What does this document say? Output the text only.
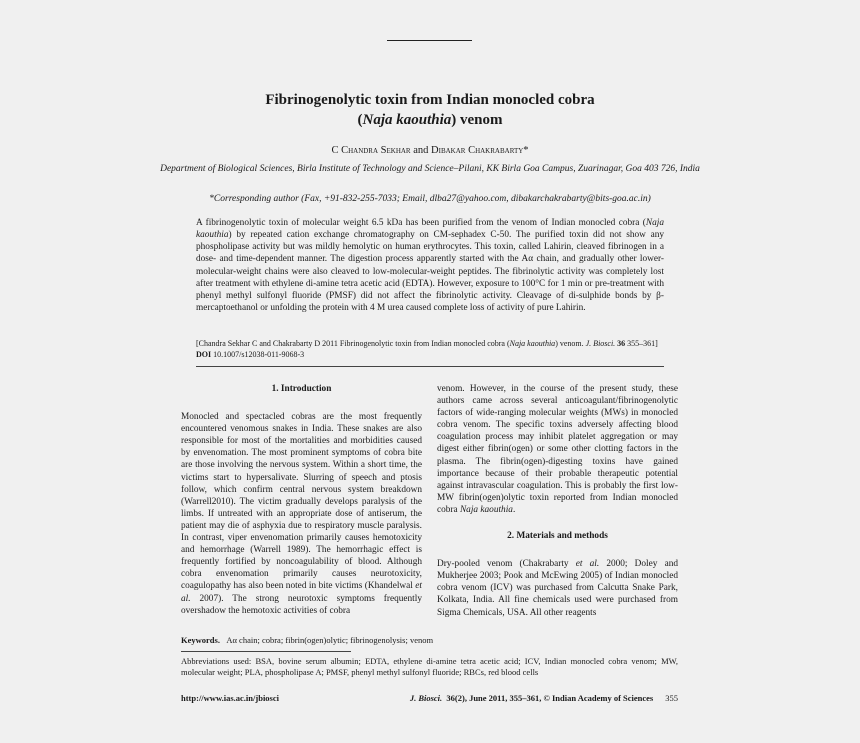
Fibrinogenolytic toxin from Indian monocled cobra
(Naja kaouthia) venom
C Chandra Sekhar and Dibakar Chakrabarty*
Department of Biological Sciences, Birla Institute of Technology and Science–Pilani, KK Birla Goa Campus, Zuarinagar, Goa 403 726, India
*Corresponding author (Fax, +91-832-255-7033; Email, dlba27@yahoo.com, dibakarchakrabarty@bits-goa.ac.in)

A fibrinogenolytic toxin of molecular weight 6.5 kDa has been purified from the venom of Indian monocled cobra (Naja kaouthia) by repeated cation exchange chromatography on CM-sephadex C-50. The purified toxin did not show any phospholipase activity but was mildly hemolytic on human erythrocytes. This toxin, called Lahirin, cleaved fibrinogen in a dose- and time-dependent manner. The digestion process apparently started with the Aα chain, and gradually other lower-molecular-weight chains were also cleaved to low-molecular-weight peptides. The fibrinolytic activity was completely lost after treatment with ethylene di-amine tetra acetic acid (EDTA). However, exposure to 100°C for 1 min or pre-treatment with phenyl methyl sulfonyl fluoride (PMSF) did not affect the fibrinolytic activity. Cleavage of di-sulphide bonds by β-mercaptoethanol or unfolding the protein with 4 M urea caused complete loss of activity of pure Lahirin.

[Chandra Sekhar C and Chakrabarty D 2011 Fibrinogenolytic toxin from Indian monocled cobra (Naja kaouthia) venom. J. Biosci. 36 355–361]
DOI 10.1007/s12038-011-9068-3
1. Introduction

Monocled and spectacled cobras are the most frequently encountered venomous snakes in India. These snakes are also responsible for most of the mortalities and morbidities caused by envenomation. The most prominent symptoms of cobra bite are those involving the nervous system. Within a short time, the victims start to hypersalivate. Slurring of speech and ptosis follow, which confirm central nervous system breakdown (Warrell2010). The victim gradually develops paralysis of the limbs. If untreated with an appropriate dose of antiserum, the patient may die of asphyxia due to respiratory muscle paralysis. In contrast, viper envenomation primarily causes hemotoxicity and hemorrhage (Warrell 1989). The hemorrhagic effect is frequently fortified by noncoagulability of blood. Although cobra envenomation primarily causes neurotoxicity, coagulopathy has also been noted in bite victims (Khandelwal et al. 2007). The strong neurotoxic symptoms frequently overshadow the hemotoxic activities of cobra

venom. However, in the course of the present study, these authors came across several anticoagulant/fibrinogenolytic factors of wide-ranging molecular weights (MWs) in monocled cobra venom. The specific toxins adversely affecting blood coagulation process may inhibit platelet aggregation or may digest either fibrin(ogen) or some other clotting factors in the plasma. The fibrin(ogen)-digesting toxins have gained importance because of their probable therapeutic potential against intravascular coagulation. This is probably the first low-MW fibrin(ogen)olytic toxin reported from Indian monocled cobra Naja kaouthia.

2. Materials and methods

Dry-pooled venom (Chakrabarty et al. 2000; Doley and Mukherjee 2003; Pook and McEwing 2005) of Indian monocled cobra venom (ICV) was purchased from Calcutta Snake Park, Kolkata, India. All fine chemicals used were purchased from Sigma Chemicals, USA. All other reagents

Keywords. Aα chain; cobra; fibrin(ogen)olytic; fibrinogenolysis; venom
Abbreviations used: BSA, bovine serum albumin; EDTA, ethylene di-amine tetra acetic acid; ICV, Indian monocled cobra venom; MW, molecular weight; PLA, phospholipase A; PMSF, phenyl methyl sulfonyl fluoride; RBCs, red blood cells
http://www.ias.ac.in/jbiosci	J. Biosci. 36(2), June 2011, 355–361, © Indian Academy of Sciences 355
